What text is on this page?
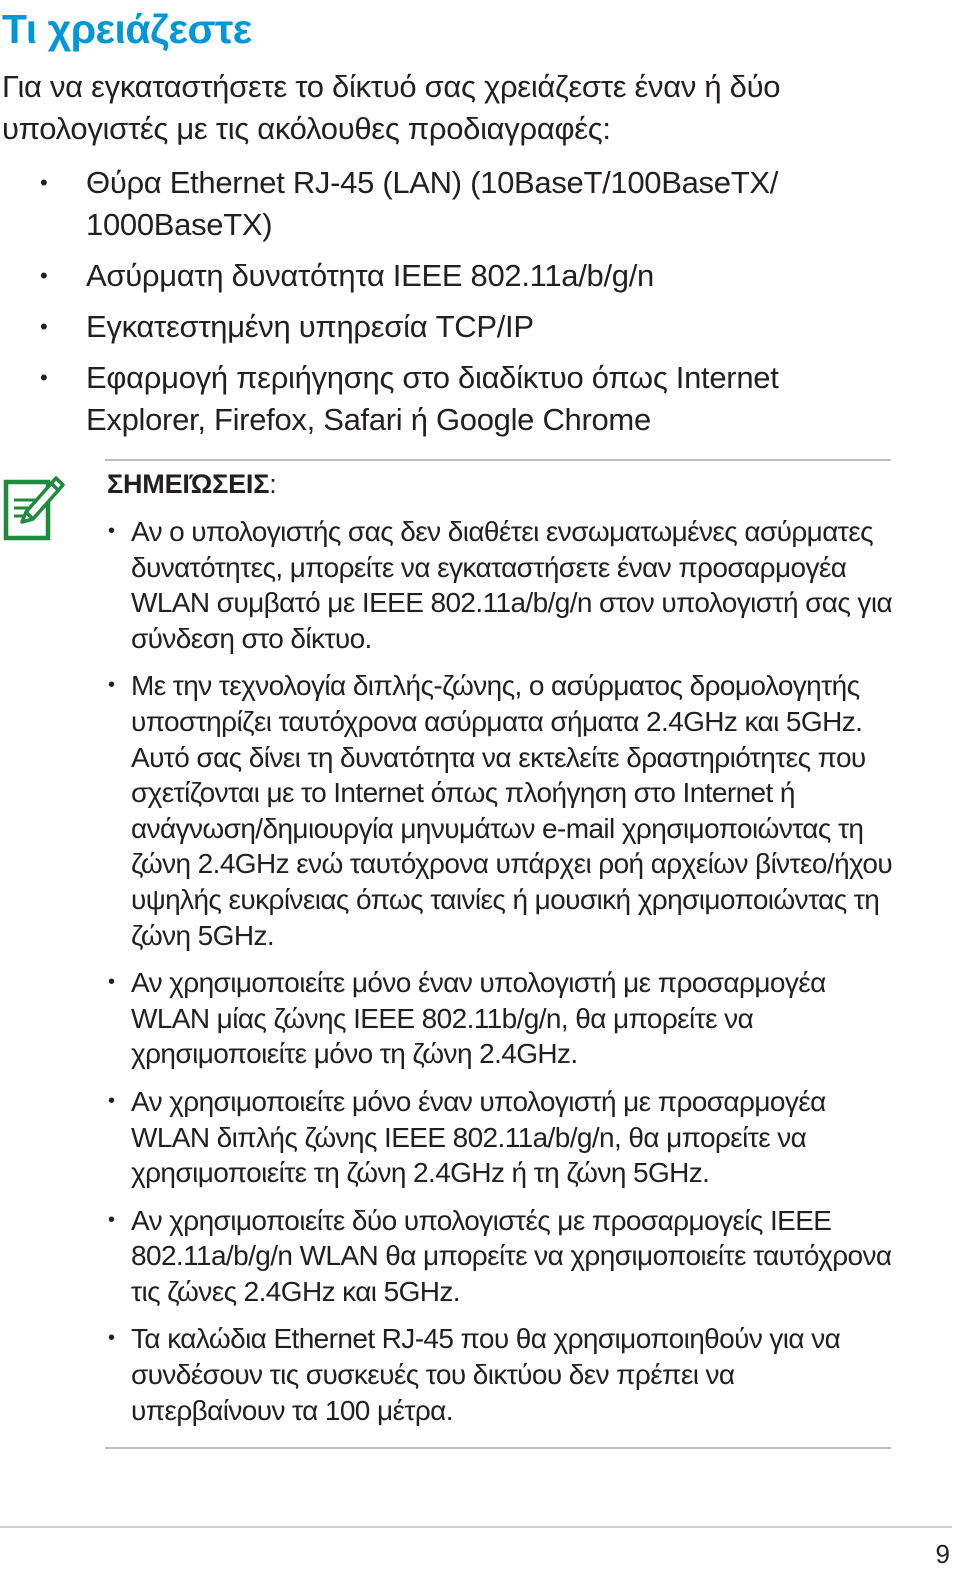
Τι χρειάζεστε

Για να εγκαταστήσετε το δίκτυό σας χρειάζεστε έναν ή δύο υπολογιστές με τις ακόλουθες προδιαγραφές:

• Θύρα Ethernet RJ-45 (LAN) (10BaseT/100BaseTX/ 1000BaseTX)
• Ασύρματη δυνατότητα IEEE 802.11a/b/g/n
• Εγκατεστημένη υπηρεσία TCP/IP
• Εφαρμογή περιήγησης στο διαδίκτυο όπως Internet Explorer, Firefox, Safari ή Google Chrome

ΣΗΜΕΙΏΣΕΙΣ:

• Αν ο υπολογιστής σας δεν διαθέτει ενσωματωμένες ασύρματες δυνατότητες, μπορείτε να εγκαταστήσετε έναν προσαρμογέα WLAN συμβατό με IEEE 802.11a/b/g/n στον υπολογιστή σας για σύνδεση στο δίκτυο.
• Με την τεχνολογία διπλής-ζώνης, ο ασύρματος δρομολογητής υποστηρίζει ταυτόχρονα ασύρματα σήματα 2.4GHz και 5GHz. Αυτό σας δίνει τη δυνατότητα να εκτελείτε δραστηριότητες που σχετίζονται με το Internet όπως πλοήγηση στο Internet ή ανάγνωση/δημιουργία μηνυμάτων e-mail χρησιμοποιώντας τη ζώνη 2.4GHz ενώ ταυτόχρονα υπάρχει ροή αρχείων βίντεο/ήχου υψηλής ευκρίνειας όπως ταινίες ή μουσική χρησιμοποιώντας τη ζώνη 5GHz.
• Αν χρησιμοποιείτε μόνο έναν υπολογιστή με προσαρμογέα WLAN μίας ζώνης IEEE 802.11b/g/n, θα μπορείτε να χρησιμοποιείτε μόνο τη ζώνη 2.4GHz.
• Αν χρησιμοποιείτε μόνο έναν υπολογιστή με προσαρμογέα WLAN διπλής ζώνης IEEE 802.11a/b/g/n, θα μπορείτε να χρησιμοποιείτε τη ζώνη 2.4GHz ή τη ζώνη 5GHz.
• Αν χρησιμοποιείτε δύο υπολογιστές με προσαρμογείς IEEE 802.11a/b/g/n WLAN θα μπορείτε να χρησιμοποιείτε ταυτόχρονα τις ζώνες 2.4GHz και 5GHz.
• Τα καλώδια Ethernet RJ-45 που θα χρησιμοποιηθούν για να συνδέσουν τις συσκευές του δικτύου δεν πρέπει να υπερβαίνουν τα 100 μέτρα.

9
